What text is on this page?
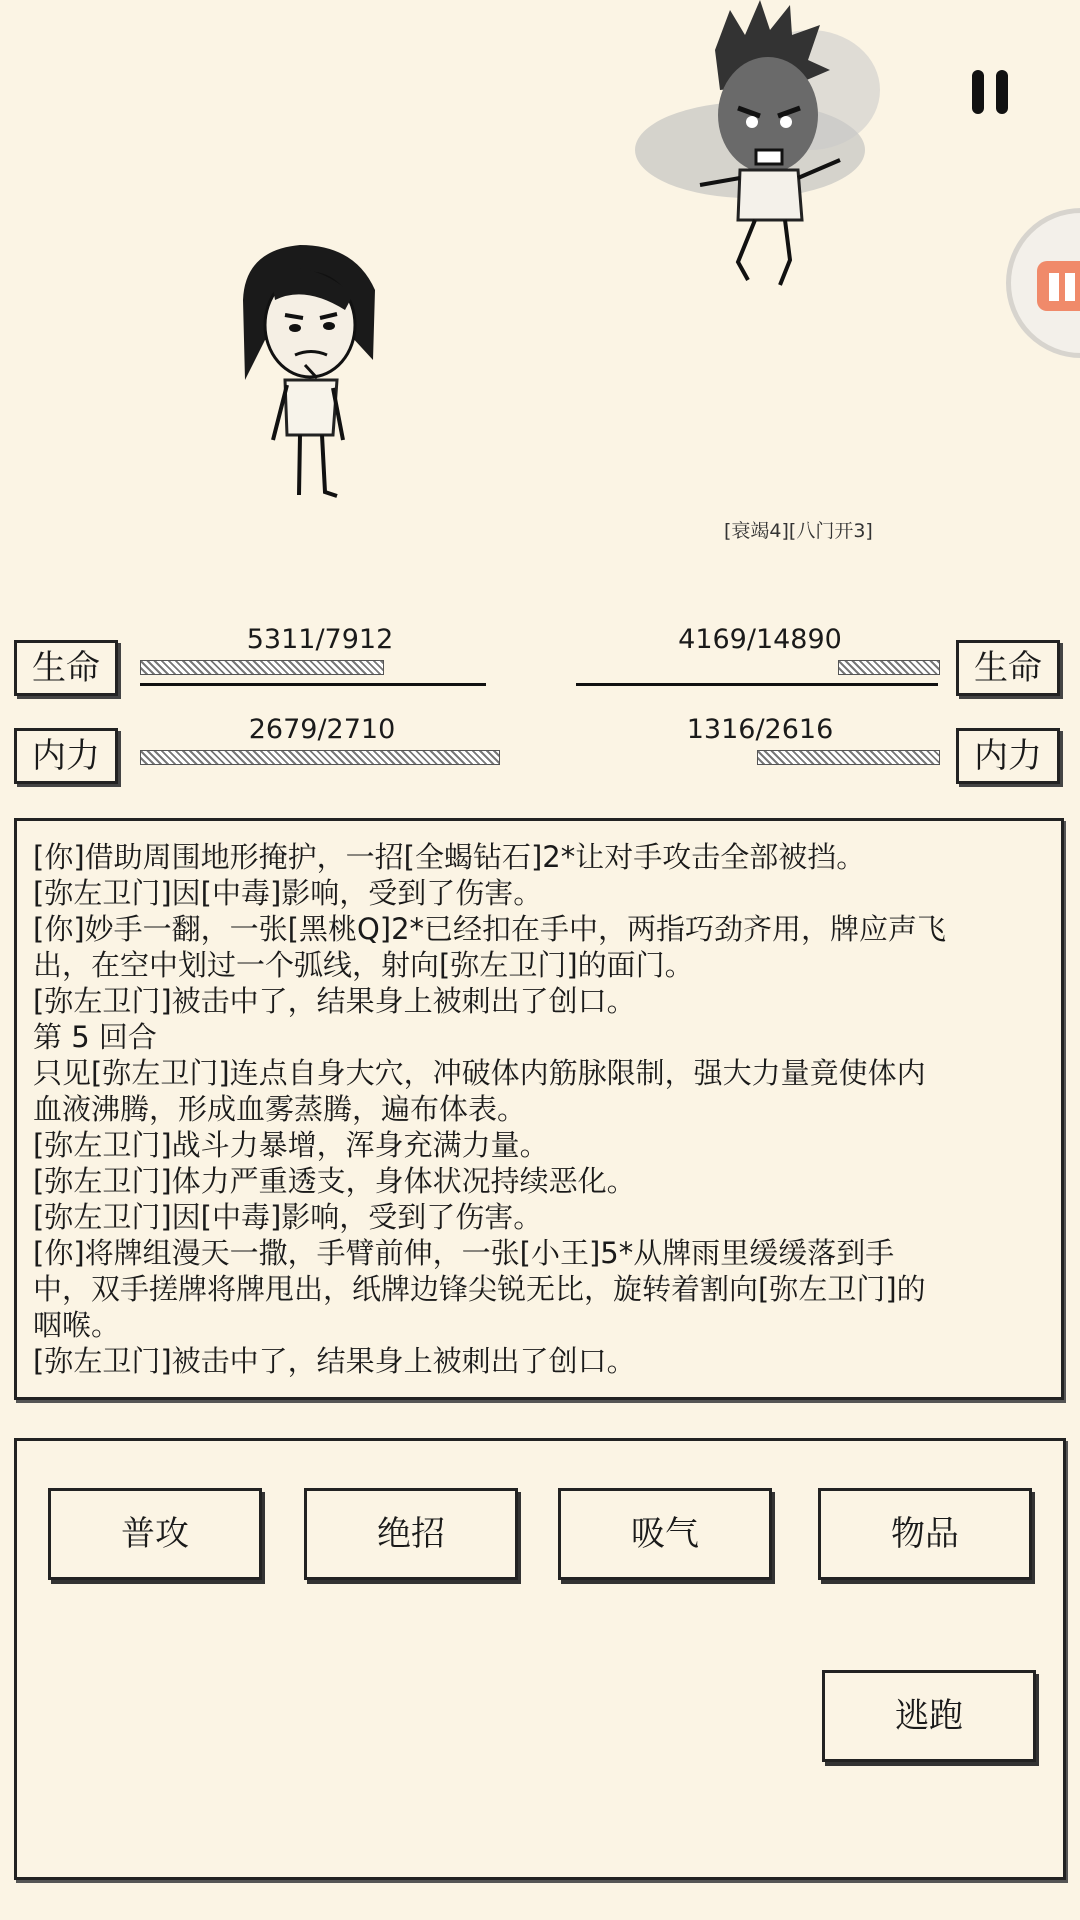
[衰竭4][八门开3]
生命
5311/7912
内力
2679/2710
生命
4169/14890
内力
1316/2616

[你]借助周围地形掩护，一招[全蝎钻石]2*让对手攻击全部被挡。

[弥左卫门]因[中毒]影响，受到了伤害。

[你]妙手一翻，一张[黑桃Q]2*已经扣在手中，两指巧劲齐用，牌应声飞

出，在空中划过一个弧线，射向[弥左卫门]的面门。

[弥左卫门]被击中了，结果身上被刺出了创口。

第 5 回合

只见[弥左卫门]连点自身大穴，冲破体内筋脉限制，强大力量竟使体内

血液沸腾，形成血雾蒸腾，遍布体表。

[弥左卫门]战斗力暴增，浑身充满力量。

[弥左卫门]体力严重透支，身体状况持续恶化。

[弥左卫门]因[中毒]影响，受到了伤害。

[你]将牌组漫天一撒，手臂前伸，一张[小王]5*从牌雨里缓缓落到手

中，双手搓牌将牌甩出，纸牌边锋尖锐无比，旋转着割向[弥左卫门]的

咽喉。

[弥左卫门]被击中了，结果身上被刺出了创口。

普攻	绝招	吸气	物品
逃跑
